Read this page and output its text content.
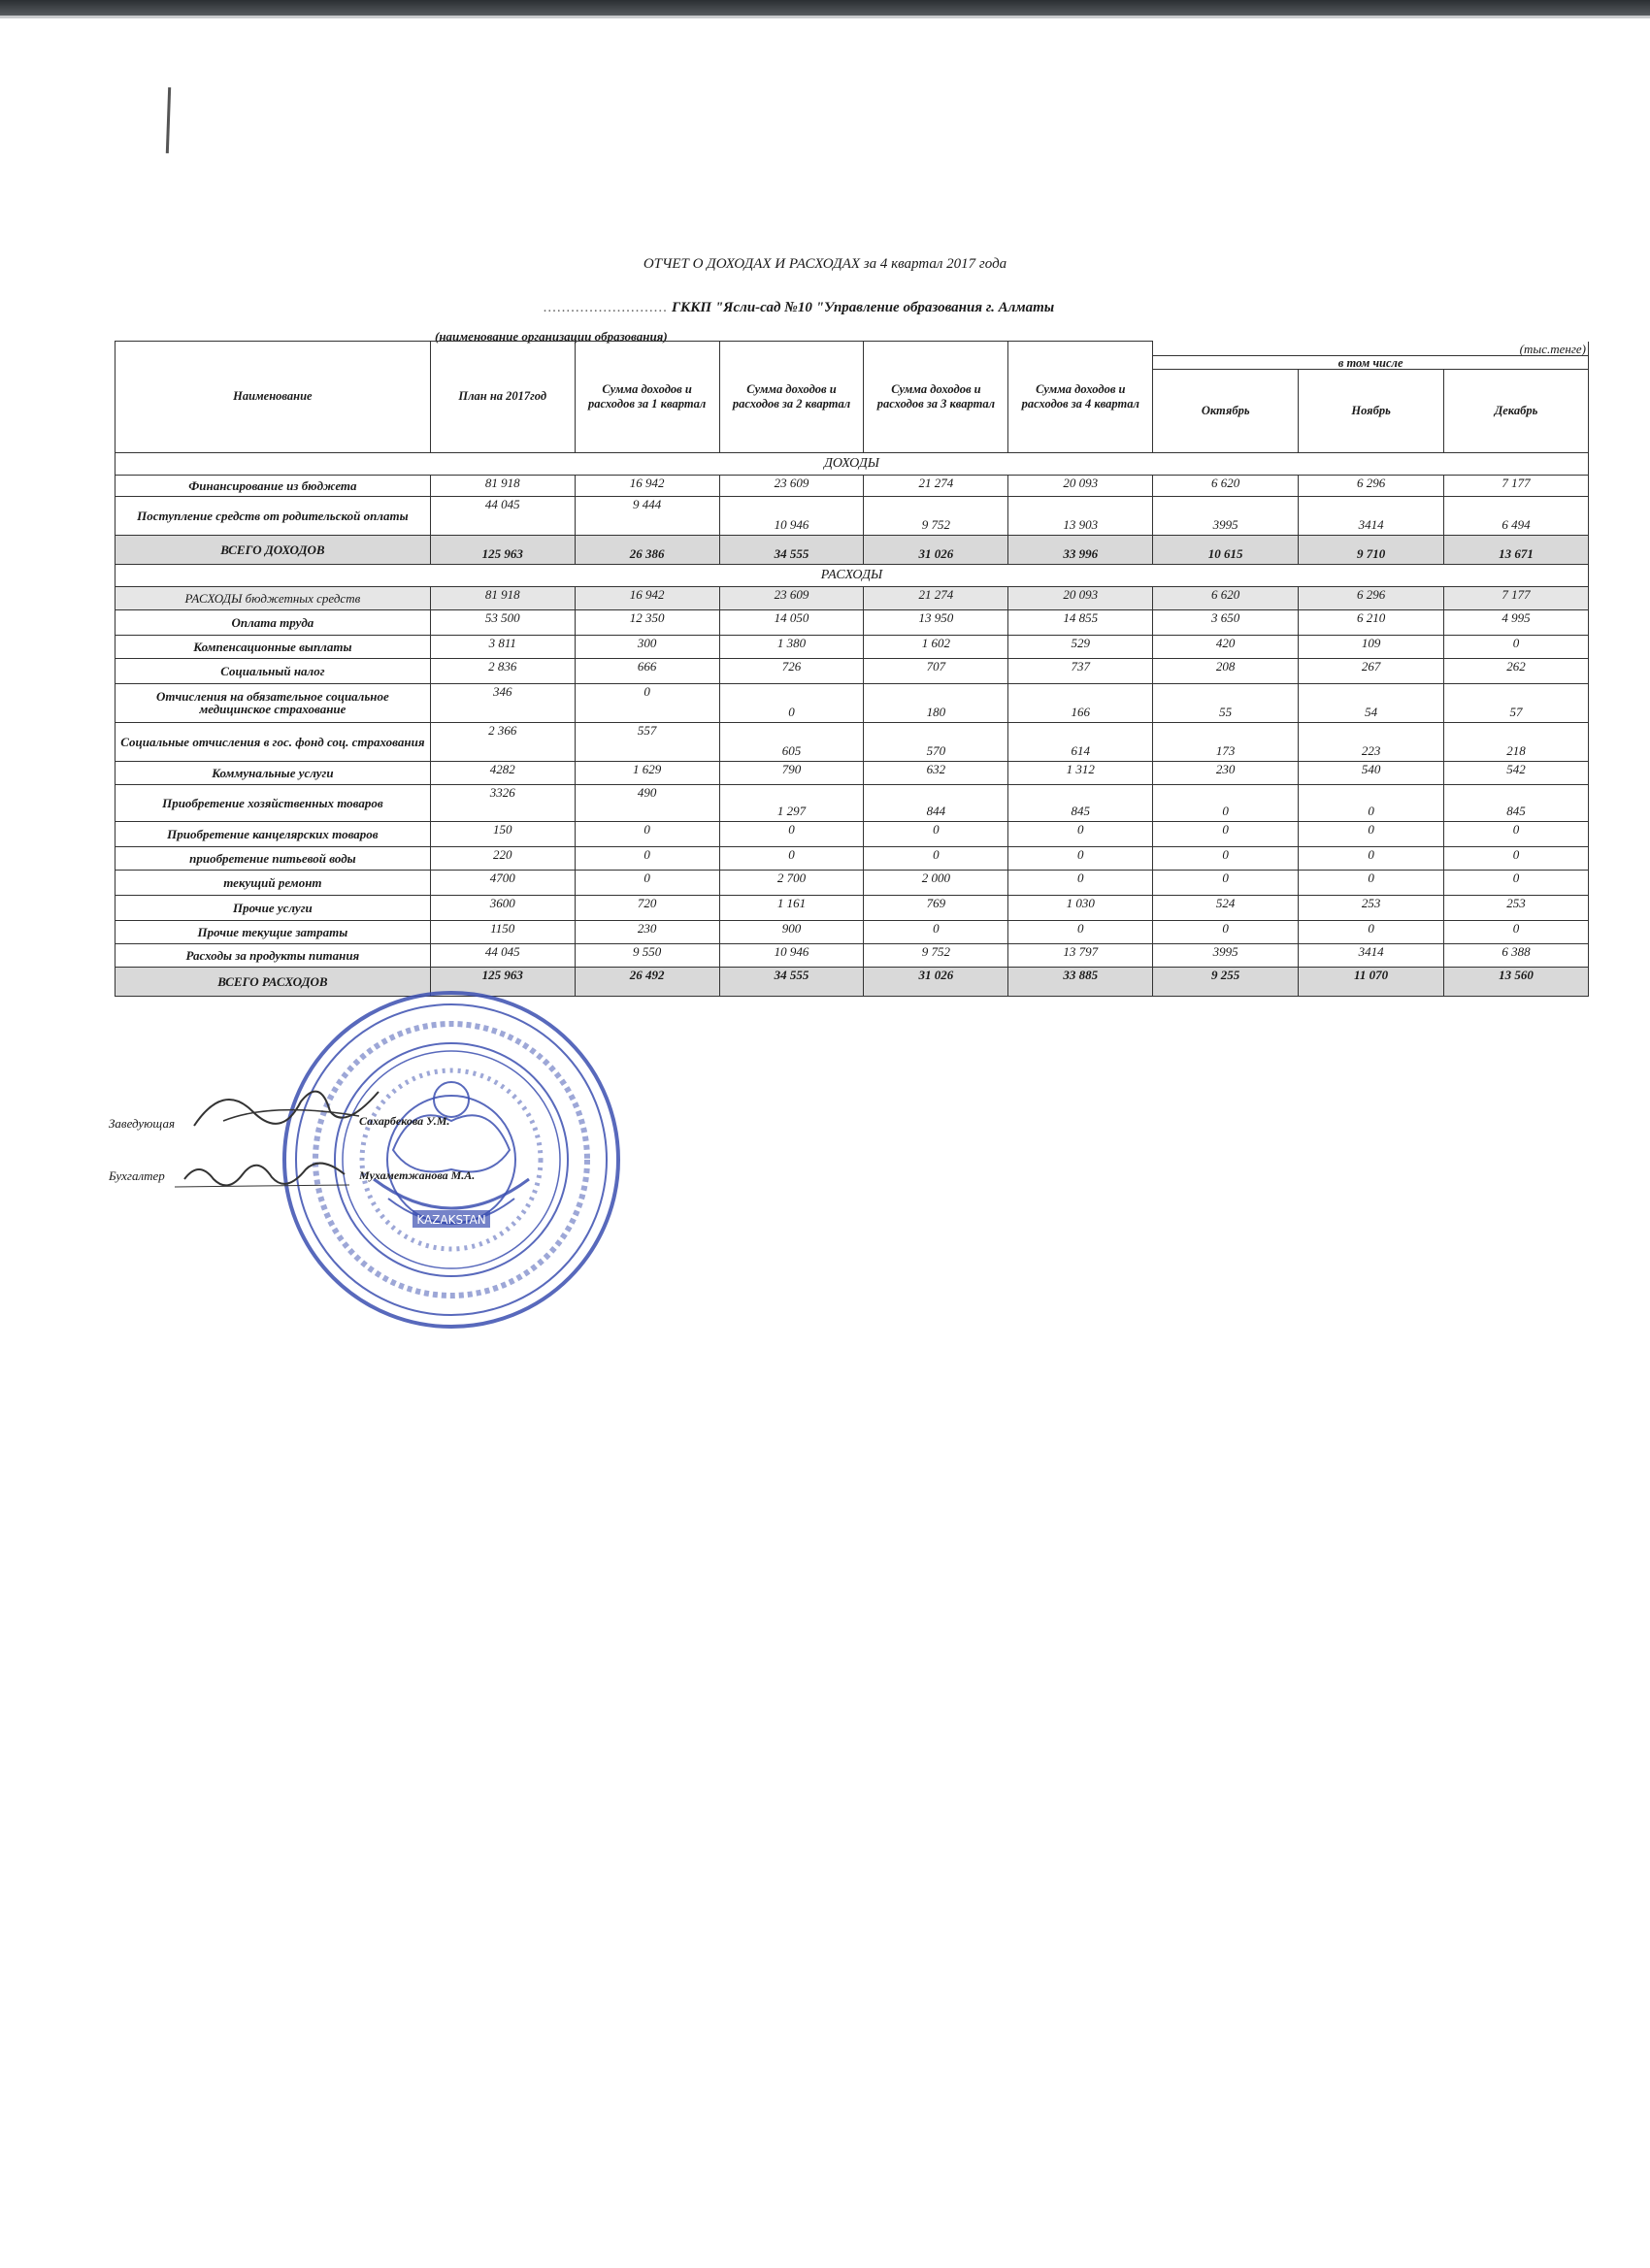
ОТЧЕТ О ДОХОДАХ И РАСХОДАХ за 4 квартал 2017 года
........................... ГККП "Ясли-сад №10 "Управление образования г. Алматы
(наименование организации образования)
Наименование	План на 2017год	Сумма доходов и расходов за 1 квартал	Сумма доходов и расходов за 2 квартал	Сумма доходов и расходов за 3 квартал	Сумма доходов и расходов за 4 квартал	(тыс.тенге)
в том числе		

						Октябрь	Ноябрь	Декабрь
ДОХОДЫ								
Финансирование из бюджета	81 918	16 942	23 609	21 274	20 093	6 620	6 296	7 177
Поступление средств от родительской оплаты	44 045	9 444	10 946	9 752	13 903	3995	3414	6 494
ВСЕГО ДОХОДОВ	125 963	26 386	34 555	31 026	33 996	10 615	9 710	13 671
РАСХОДЫ								
РАСХОДЫ бюджетных средств	81 918	16 942	23 609	21 274	20 093	6 620	6 296	7 177
Оплата труда	53 500	12 350	14 050	13 950	14 855	3 650	6 210	4 995
Компенсационные выплаты	3 811	300	1 380	1 602	529	420	109	0
Социальный налог	2 836	666	726	707	737	208	267	262
Отчисления на обязательное социальное медицинское страхование	346	0	0	180	166	55	54	57
Социальные отчисления в гос. фонд соц. страхования	2 366	557	605	570	614	173	223	218
Коммунальные услуги	4282	1 629	790	632	1 312	230	540	542
Приобретение хозяйственных товаров	3326	490	1 297	844	845	0	0	845
Приобретение канцелярских товаров	150	0	0	0	0	0	0	0
приобретение питьевой воды	220	0	0	0	0	0	0	0
текущий ремонт	4700	0	2 700	2 000	0	0	0	0
Прочие услуги	3600	720	1 161	769	1 030	524	253	253
Прочие текущие затраты	1150	230	900	0	0	0	0	0
Расходы за продукты питания	44 045	9 550	10 946	9 752	13 797	3995	3414	6 388
ВСЕГО РАСХОДОВ	125 963	26 492	34 555	31 026	33 885	9 255	11 070	13 560
KAZAKSTAN
Заведующая	Сахарбекова У.М.
Бухгалтер	Мухаметжанова М.А.
